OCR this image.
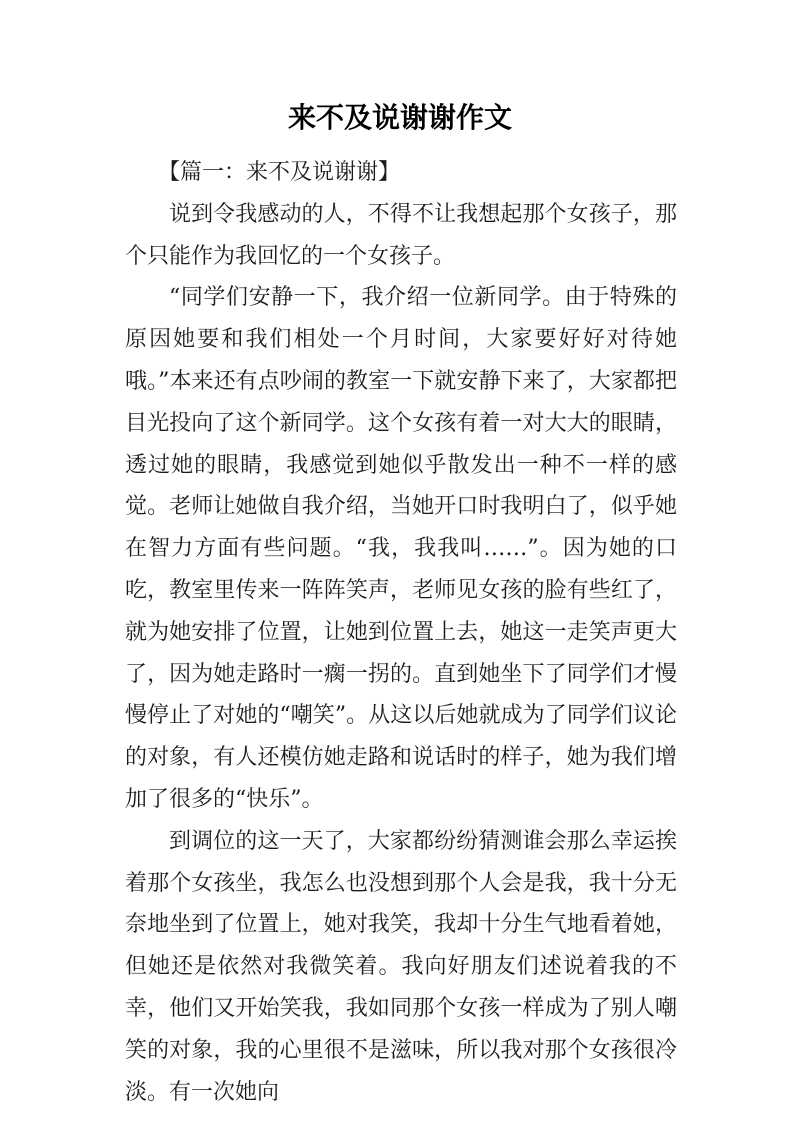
来不及说谢谢作文

【篇一：来不及说谢谢】

说到令我感动的人，不得不让我想起那个女孩子，那个只能作为我回忆的一个女孩子。

“同学们安静一下，我介绍一位新同学。由于特殊的原因她要和我们相处一个月时间，大家要好好对待她哦。”本来还有点吵闹的教室一下就安静下来了，大家都把目光投向了这个新同学。这个女孩有着一对大大的眼睛，透过她的眼睛，我感觉到她似乎散发出一种不一样的感觉。老师让她做自我介绍，当她开口时我明白了，似乎她在智力方面有些问题。“我，我我叫……”。因为她的口吃，教室里传来一阵阵笑声，老师见女孩的脸有些红了，就为她安排了位置，让她到位置上去，她这一走笑声更大了，因为她走路时一瘸一拐的。直到她坐下了同学们才慢慢停止了对她的“嘲笑”。从这以后她就成为了同学们议论的对象，有人还模仿她走路和说话时的样子，她为我们增加了很多的“快乐”。

到调位的这一天了，大家都纷纷猜测谁会那么幸运挨着那个女孩坐，我怎么也没想到那个人会是我，我十分无奈地坐到了位置上，她对我笑，我却十分生气地看着她，但她还是依然对我微笑着。我向好朋友们述说着我的不幸，他们又开始笑我，我如同那个女孩一样成为了别人嘲笑的对象，我的心里很不是滋味，所以我对那个女孩很冷淡。有一次她向
